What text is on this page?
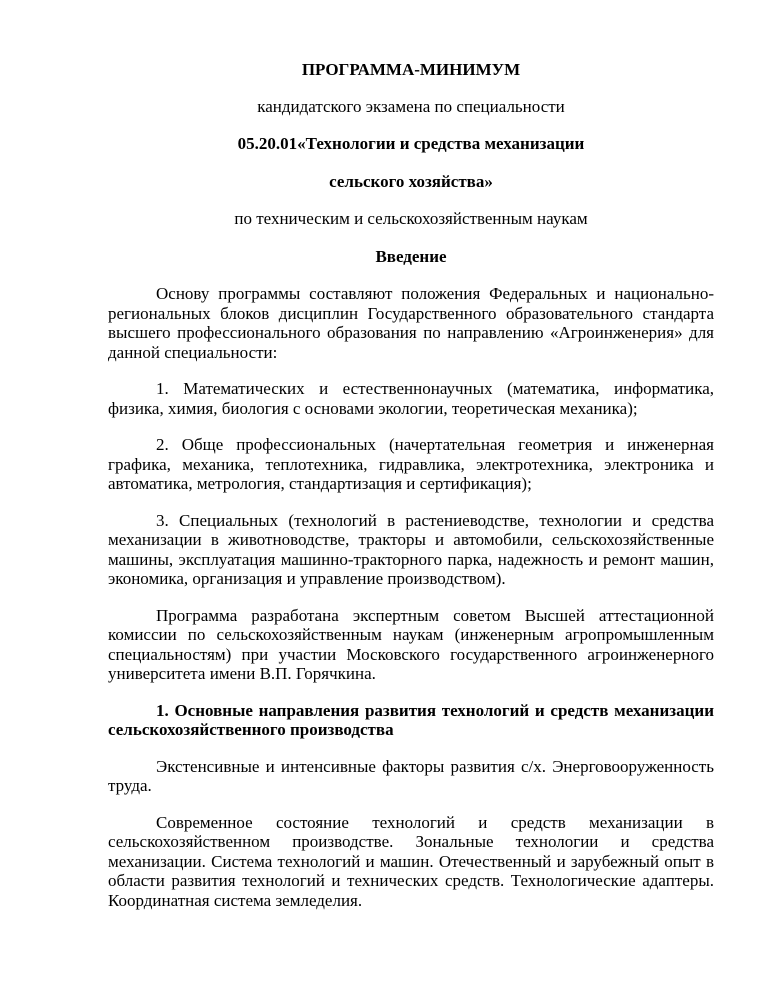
ПРОГРАММА-МИНИМУМ
кандидатского экзамена по специальности
05.20.01«Технологии и средства механизации
сельского хозяйства»
по техническим и сельскохозяйственным наукам
Введение

Основу программы составляют положения Федеральных и национально-региональных блоков дисциплин Государственного образовательного стандарта высшего профессионального образования по направлению «Агроинженерия» для данной специальности:

1. Математических и естественнонаучных (математика, информатика, физика, химия, биология с основами экологии, теоретическая механика);

2. Обще профессиональных (начертательная геометрия и инженерная графика, механика, теплотехника, гидравлика, электротехника, электроника и автоматика, метрология, стандартизация и сертификация);

3. Специальных (технологий в растениеводстве, технологии и средства механизации в животноводстве, тракторы и автомобили, сельскохозяйственные машины, эксплуатация машинно-тракторного парка, надежность и ремонт машин, экономика, организация и управление производством).

Программа разработана экспертным советом Высшей аттестационной комиссии по сельскохозяйственным наукам (инженерным агропромышленным специальностям) при участии Московского государственного агроинженерного университета имени В.П. Горячкина.

1. Основные направления развития технологий и средств механизации сельскохозяйственного производства

Экстенсивные и интенсивные факторы развития с/х. Энерговооруженность труда.

Современное состояние технологий и средств механизации в сельскохозяйственном производстве. Зональные технологии и средства механизации. Система технологий и машин. Отечественный и зарубежный опыт в области развития технологий и технических средств. Технологические адаптеры. Координатная система земледелия.
